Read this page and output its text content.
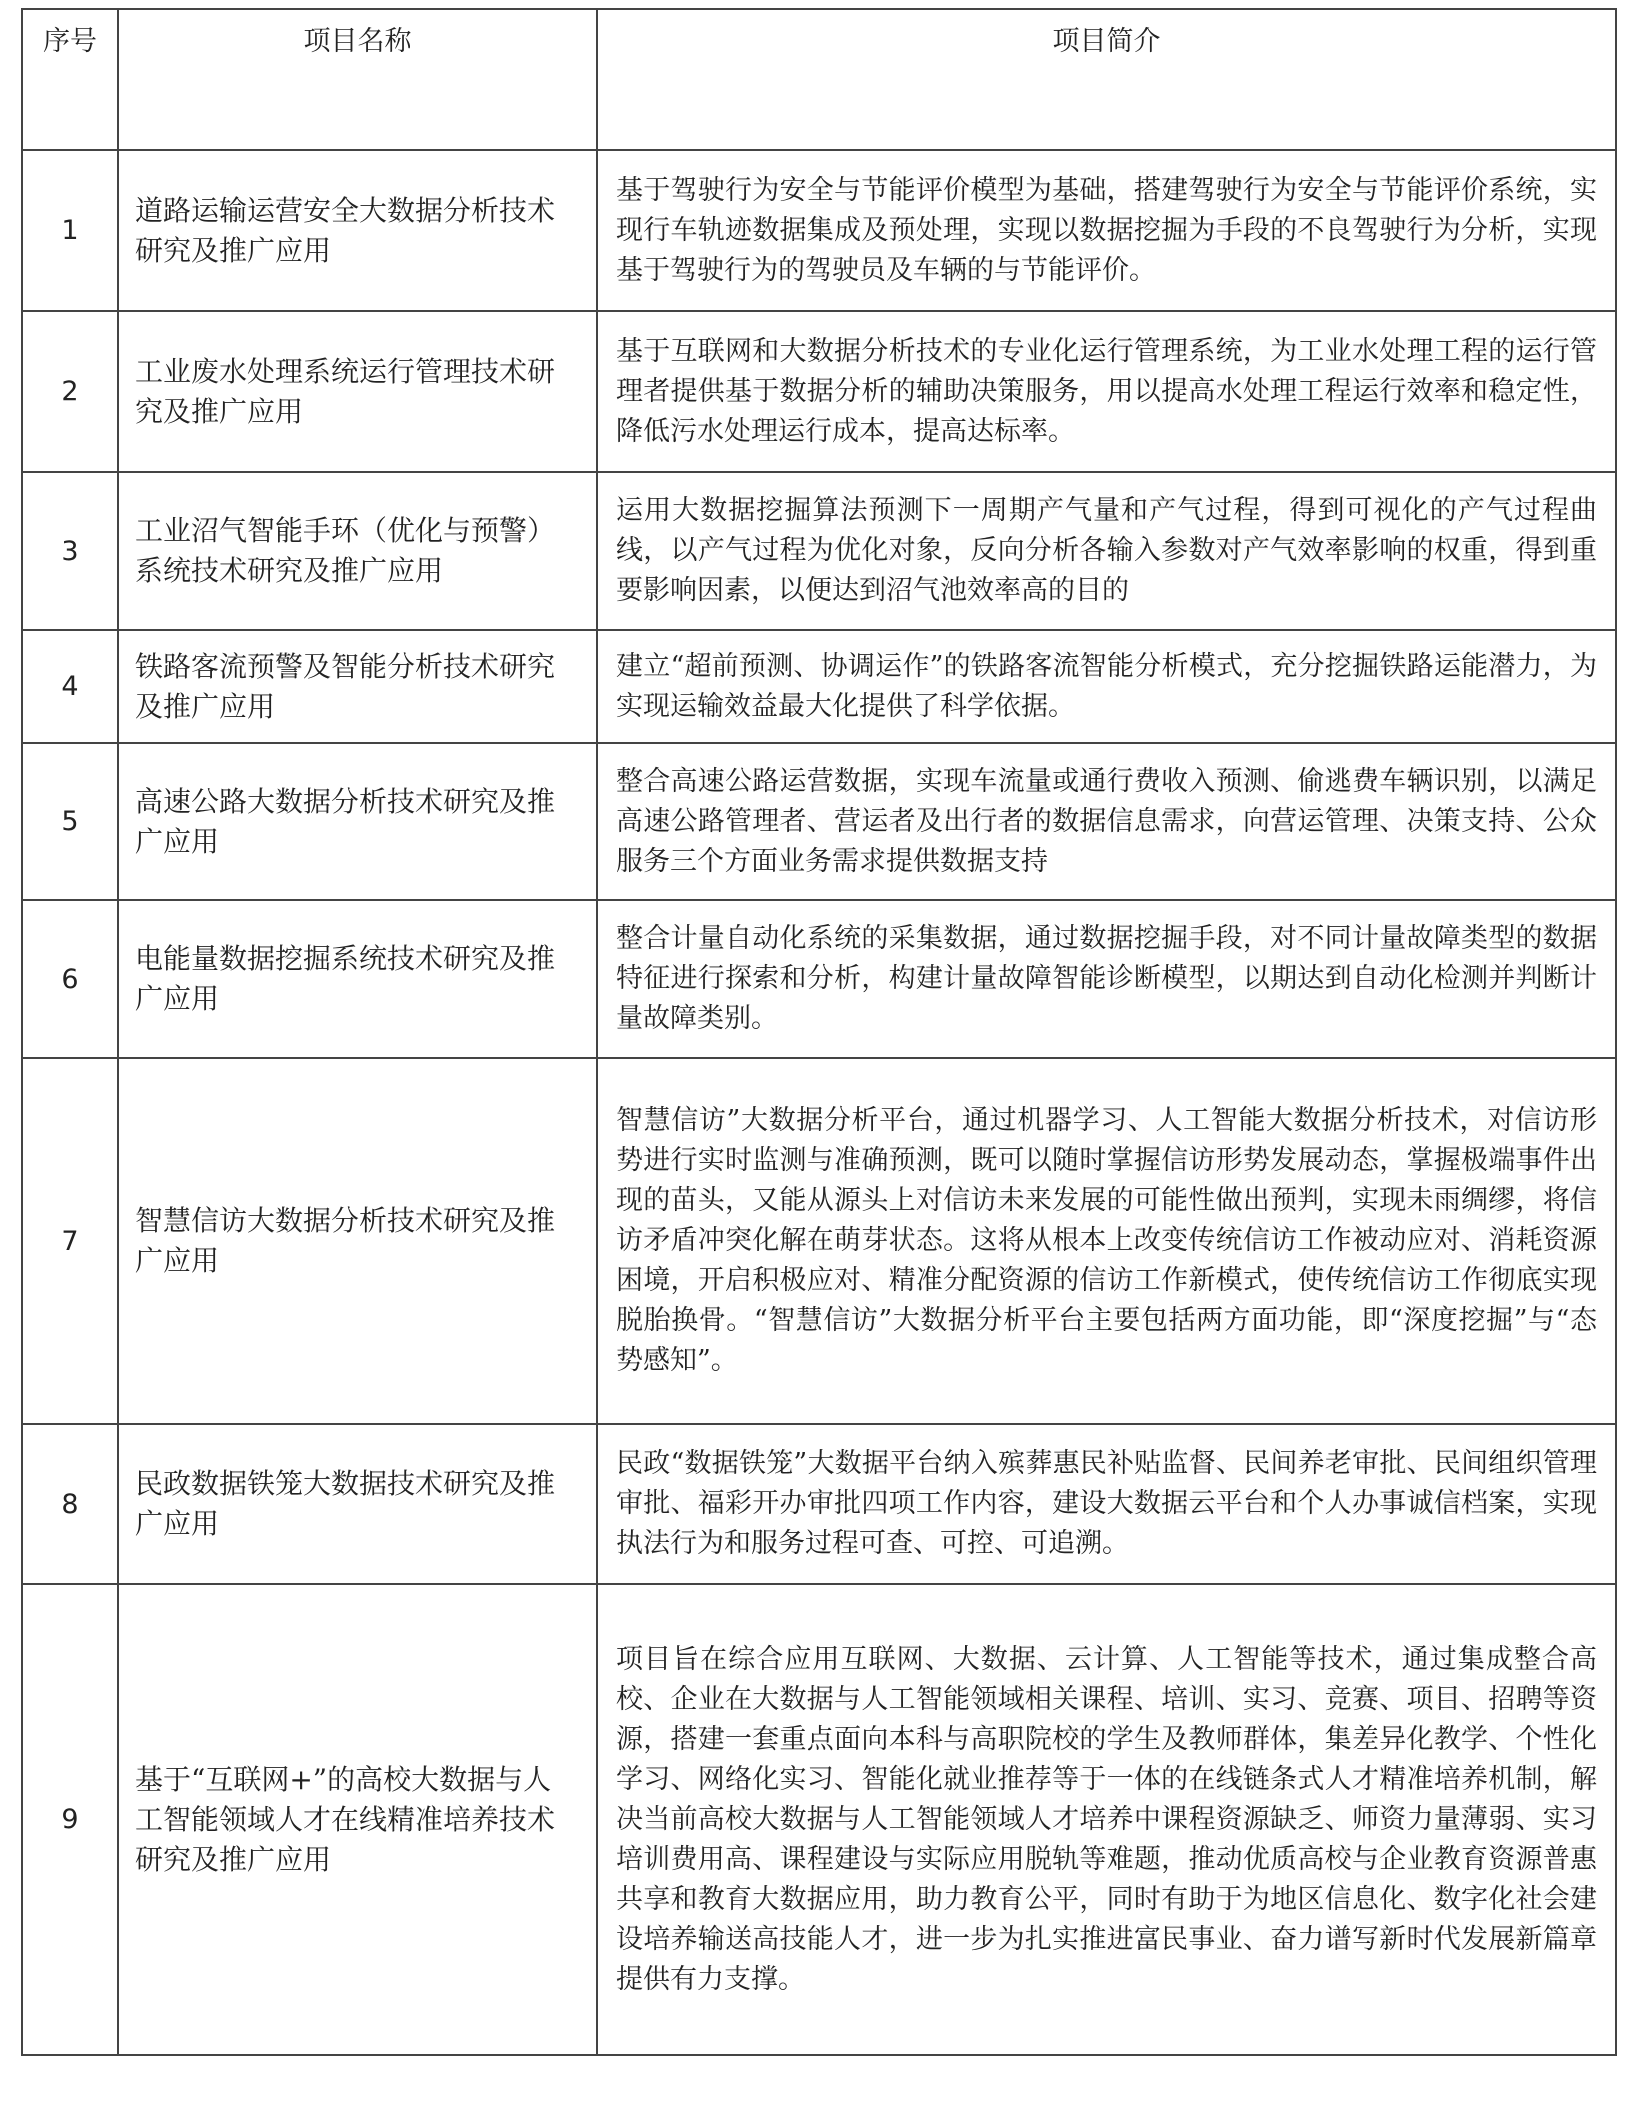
序号	项目名称	项目简介
1	道路运输运营安全大数据分析技术研究及推广应用	基于驾驶行为安全与节能评价模型为基础，搭建驾驶行为安全与节能评价系统，实现行车轨迹数据集成及预处理，实现以数据挖掘为手段的不良驾驶行为分析，实现基于驾驶行为的驾驶员及车辆的与节能评价。

2	工业废水处理系统运行管理技术研究及推广应用	基于互联网和大数据分析技术的专业化运行管理系统，为工业水处理工程的运行管理者提供基于数据分析的辅助决策服务，用以提高水处理工程运行效率和稳定性，降低污水处理运行成本，提高达标率。

3	工业沼气智能手环（优化与预警）系统技术研究及推广应用	运用大数据挖掘算法预测下一周期产气量和产气过程，得到可视化的产气过程曲线，以产气过程为优化对象，反向分析各输入参数对产气效率影响的权重，得到重要影响因素，以便达到沼气池效率高的目的

4	铁路客流预警及智能分析技术研究及推广应用	建立“超前预测、协调运作”的铁路客流智能分析模式，充分挖掘铁路运能潜力，为实现运输效益最大化提供了科学依据。

5	高速公路大数据分析技术研究及推广应用	整合高速公路运营数据，实现车流量或通行费收入预测、偷逃费车辆识别，以满足高速公路管理者、营运者及出行者的数据信息需求，向营运管理、决策支持、公众服务三个方面业务需求提供数据支持

6	电能量数据挖掘系统技术研究及推广应用	整合计量自动化系统的采集数据，通过数据挖掘手段，对不同计量故障类型的数据特征进行探索和分析，构建计量故障智能诊断模型，以期达到自动化检测并判断计量故障类别。

7	智慧信访大数据分析技术研究及推广应用	智慧信访”大数据分析平台，通过机器学习、人工智能大数据分析技术，对信访形势进行实时监测与准确预测，既可以随时掌握信访形势发展动态，掌握极端事件出现的苗头，又能从源头上对信访未来发展的可能性做出预判，实现未雨绸缪，将信访矛盾冲突化解在萌芽状态。这将从根本上改变传统信访工作被动应对、消耗资源困境，开启积极应对、精准分配资源的信访工作新模式，使传统信访工作彻底实现脱胎换骨。“智慧信访”大数据分析平台主要包括两方面功能，即“深度挖掘”与“态势感知”。

8	民政数据铁笼大数据技术研究及推广应用	民政“数据铁笼”大数据平台纳入殡葬惠民补贴监督、民间养老审批、民间组织管理审批、福彩开办审批四项工作内容，建设大数据云平台和个人办事诚信档案，实现执法行为和服务过程可查、可控、可追溯。

9	基于“互联网+”的高校大数据与人工智能领域人才在线精准培养技术研究及推广应用	项目旨在综合应用互联网、大数据、云计算、人工智能等技术，通过集成整合高校、企业在大数据与人工智能领域相关课程、培训、实习、竞赛、项目、招聘等资源，搭建一套重点面向本科与高职院校的学生及教师群体，集差异化教学、个性化学习、网络化实习、智能化就业推荐等于一体的在线链条式人才精准培养机制，解决当前高校大数据与人工智能领域人才培养中课程资源缺乏、师资力量薄弱、实习培训费用高、课程建设与实际应用脱轨等难题，推动优质高校与企业教育资源普惠共享和教育大数据应用，助力教育公平，同时有助于为地区信息化、数字化社会建设培养输送高技能人才，进一步为扎实推进富民事业、奋力谱写新时代发展新篇章提供有力支撑。
